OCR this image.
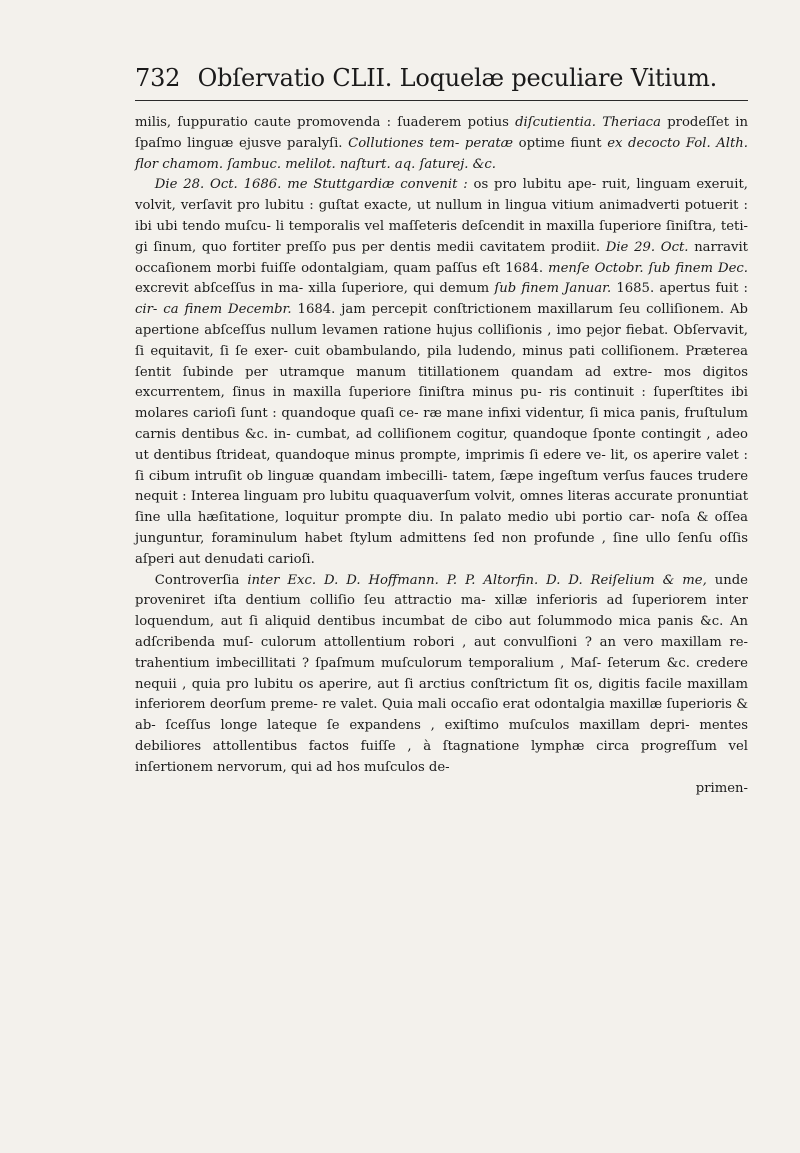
732 Obſervatio CLII. Loquelæ peculiare Vitium.

milis, ſuppuratio caute promovenda : ſuaderem potius diſcutientia. Theriaca prodeſſet in ſpaſmo linguæ ejusve paralyſi. Collutiones tem- peratæ optime fiunt ex decocto Fol. Alth. flor chamom. ſambuc. melilot. naſturt. aq. ſaturej. &c.

Die 28. Oct. 1686. me Stuttgardiæ convenit : os pro lubitu ape- ruit, linguam exeruit, volvit, verſavit pro lubitu : guſtat exacte, ut nullum in lingua vitium animadverti potuerit : ibi ubi tendo muſcu- li temporalis vel maſſeteris deſcendit in maxilla ſuperiore ſiniſtra, teti- gi ſinum, quo fortiter preſſo pus per dentis medii cavitatem prodiit. Die 29. Oct. narravit occaſionem morbi fuiſſe odontalgiam, quam paſſus eſt 1684. menſe Octobr. ſub finem Dec. excrevit abſceſſus in ma- xilla ſuperiore, qui demum ſub finem Januar. 1685. apertus fuit : cir- ca finem Decembr. 1684. jam percepit conſtrictionem maxillarum ſeu colliſionem. Ab apertione abſceſſus nullum levamen ratione hujus colliſionis , imo pejor fiebat. Obſervavit, ſi equitavit, ſi ſe exer- cuit obambulando, pila ludendo, minus pati colliſionem. Præterea ſentit ſubinde per utramque manum titillationem quandam ad extre- mos digitos excurrentem, ſinus in maxilla ſuperiore ſiniſtra minus pu- ris continuit : ſuperſtites ibi molares carioſi ſunt : quandoque quaſi ce- ræ mane infixi videntur, ſi mica panis, fruſtulum carnis dentibus &c. in- cumbat, ad colliſionem cogitur, quandoque ſponte contingit , adeo ut dentibus ſtrideat, quandoque minus prompte, imprimis ſi edere ve- lit, os aperire valet : ſi cibum intruſit ob linguæ quandam imbecilli- tatem, ſæpe ingeſtum verſus fauces trudere nequit : Interea linguam pro lubitu quaquaverſum volvit, omnes literas accurate pronuntiat ſine ulla hæſitatione, loquitur prompte diu. In palato medio ubi portio car- noſa & oſſea junguntur, foraminulum habet ſtylum admittens ſed non profunde , ſine ullo ſenſu oſſis aſperi aut denudati carioſi.

Controverſia inter Exc. D. D. Hoffmann. P. P. Altorfin. D. D. Reiſelium & me, unde proveniret iſta dentium colliſio ſeu attractio ma- xillæ inferioris ad ſuperiorem inter loquendum, aut ſi aliquid dentibus incumbat de cibo aut ſolummodo mica panis &c. An adſcribenda muſ- culorum attollentium robori , aut convulſioni ? an vero maxillam re- trahentium imbecillitati ? ſpaſmum muſculorum temporalium , Maſ- ſeterum &c. credere nequii , quia pro lubitu os aperire, aut ſi arctius conſtrictum ſit os, digitis facile maxillam inferiorem deorſum preme- re valet. Quia mali occaſio erat odontalgia maxillæ ſuperioris & ab- ſceſſus longe lateque ſe expandens , exiſtimo muſculos maxillam depri- mentes debiliores attollentibus factos fuiſſe , à ſtagnatione lymphæ circa progreſſum vel inſertionem nervorum, qui ad hos muſculos de-

primen-
